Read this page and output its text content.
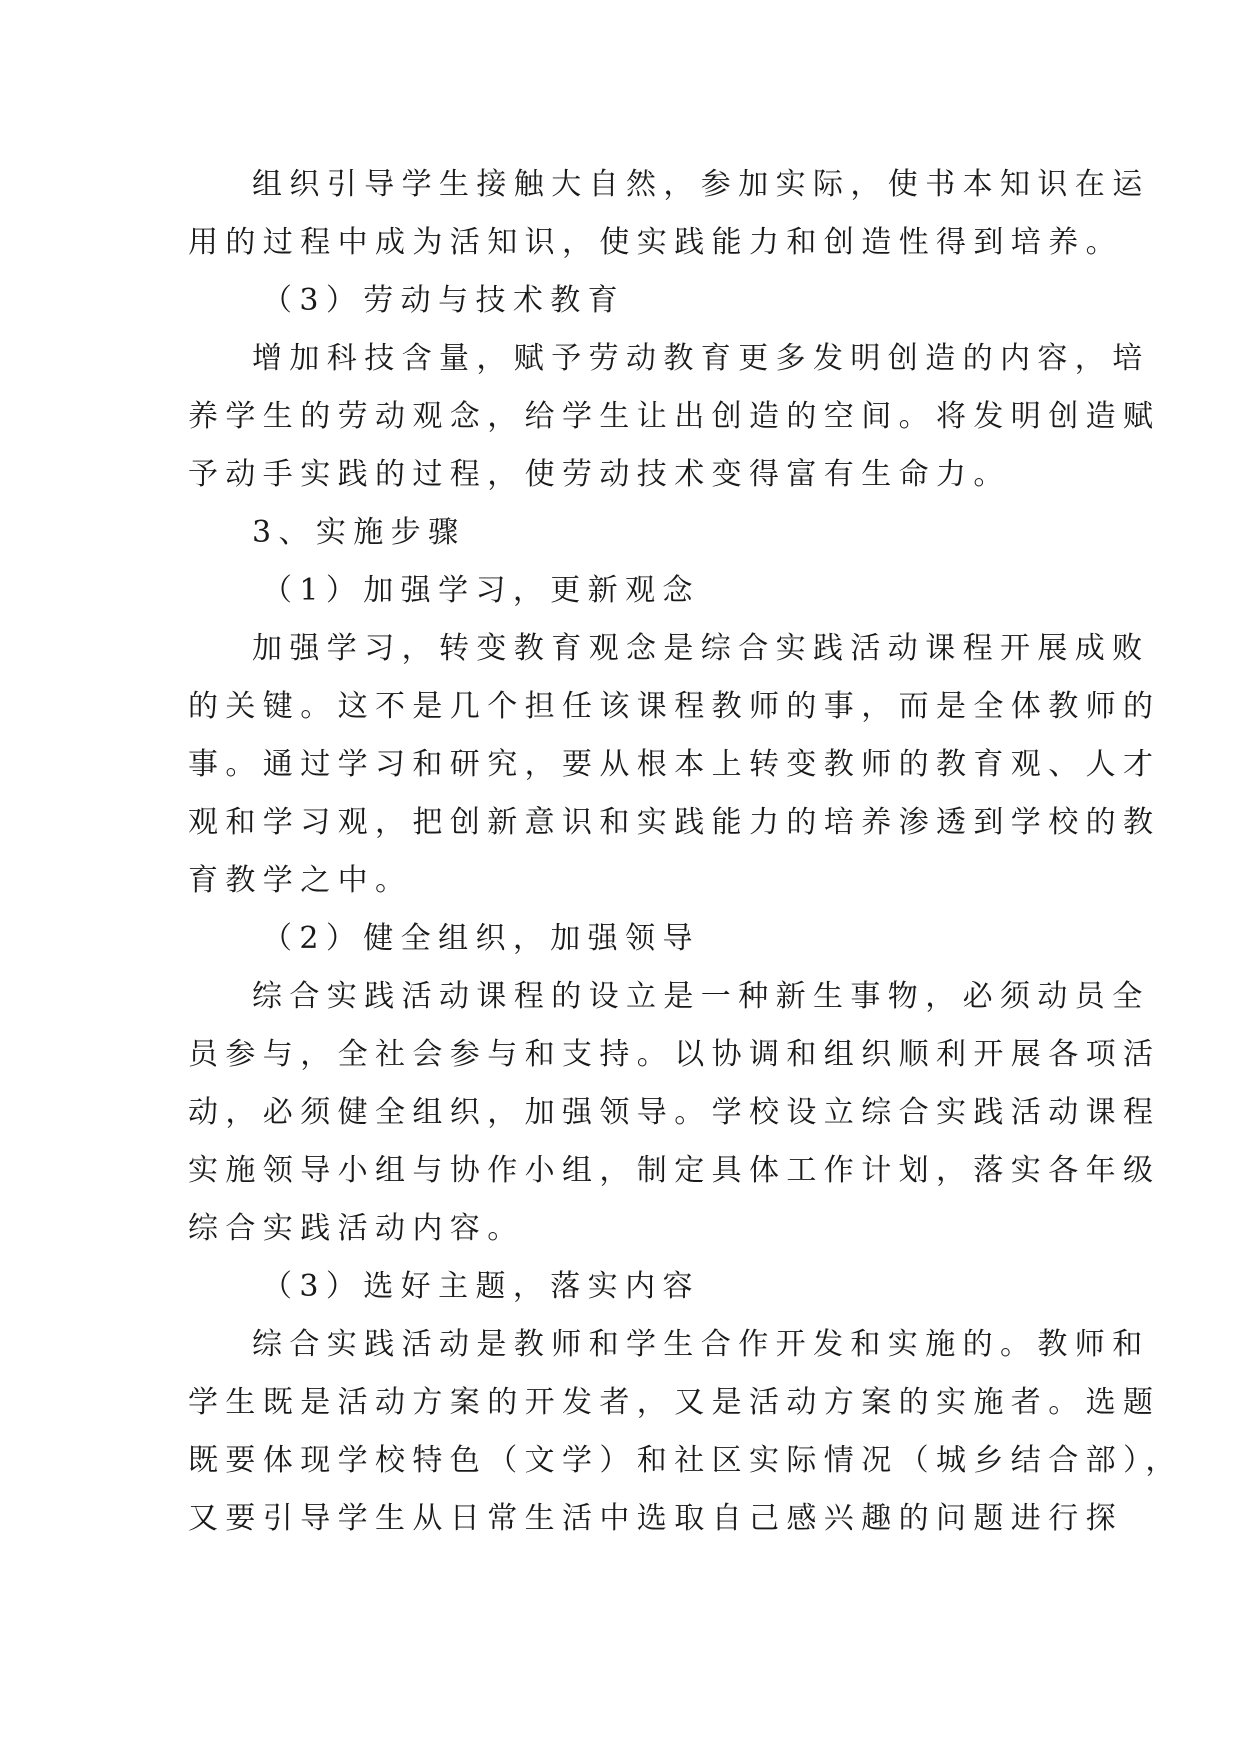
组织引导学生接触大自然，参加实际，使书本知识在运
用的过程中成为活知识，使实践能力和创造性得到培养。
（3）劳动与技术教育
增加科技含量，赋予劳动教育更多发明创造的内容，培
养学生的劳动观念，给学生让出创造的空间。将发明创造赋
予动手实践的过程，使劳动技术变得富有生命力。
3、实施步骤
（1）加强学习，更新观念
加强学习，转变教育观念是综合实践活动课程开展成败
的关键。这不是几个担任该课程教师的事，而是全体教师的
事。通过学习和研究，要从根本上转变教师的教育观、人才
观和学习观，把创新意识和实践能力的培养渗透到学校的教
育教学之中。
（2）健全组织，加强领导
综合实践活动课程的设立是一种新生事物，必须动员全
员参与，全社会参与和支持。以协调和组织顺利开展各项活
动，必须健全组织，加强领导。学校设立综合实践活动课程
实施领导小组与协作小组，制定具体工作计划，落实各年级
综合实践活动内容。
（3）选好主题，落实内容
综合实践活动是教师和学生合作开发和实施的。教师和
学生既是活动方案的开发者，又是活动方案的实施者。选题
既要体现学校特色（文学）和社区实际情况（城乡结合部），
又要引导学生从日常生活中选取自己感兴趣的问题进行探
